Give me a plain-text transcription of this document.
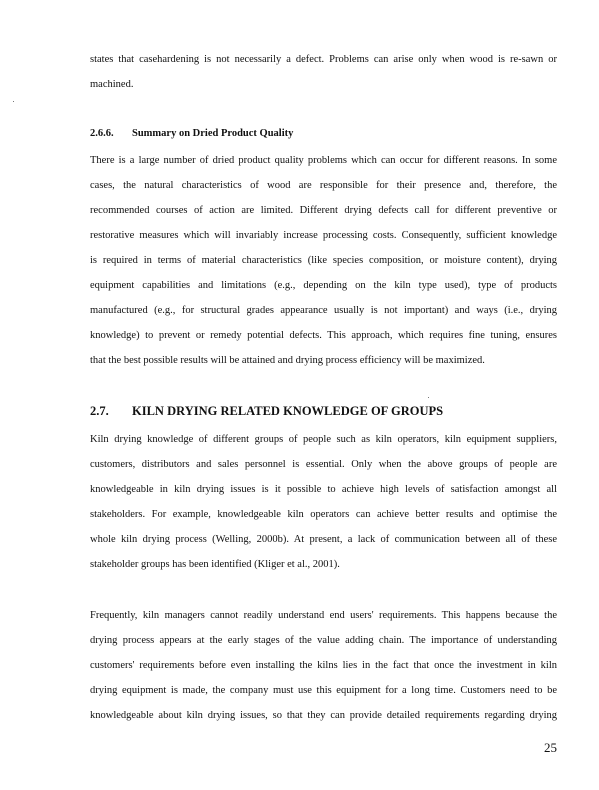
states that casehardening is not necessarily a defect. Problems can arise only when wood is re-sawn or
machined.
2.6.6. Summary on Dried Product Quality
There is a large number of dried product quality problems which can occur for different reasons. In some
cases, the natural characteristics of wood are responsible for their presence and, therefore, the
recommended courses of action are limited. Different drying defects call for different preventive or
restorative measures which will invariably increase processing costs. Consequently, sufficient knowledge
is required in terms of material characteristics (like species composition, or moisture content), drying
equipment capabilities and limitations (e.g., depending on the kiln type used), type of products
manufactured (e.g., for structural grades appearance usually is not important) and ways (i.e., drying
knowledge) to prevent or remedy potential defects. This approach, which requires fine tuning, ensures
that the best possible results will be attained and drying process efficiency will be maximized.
2.7. KILN DRYING RELATED KNOWLEDGE OF GROUPS
Kiln drying knowledge of different groups of people such as kiln operators, kiln equipment suppliers,
customers, distributors and sales personnel is essential. Only when the above groups of people are
knowledgeable in kiln drying issues is it possible to achieve high levels of satisfaction amongst all
stakeholders. For example, knowledgeable kiln operators can achieve better results and optimise the
whole kiln drying process (Welling, 2000b). At present, a lack of communication between all of these
stakeholder groups has been identified (Kliger et al., 2001).
Frequently, kiln managers cannot readily understand end users' requirements. This happens because the
drying process appears at the early stages of the value adding chain. The importance of understanding
customers' requirements before even installing the kilns lies in the fact that once the investment in kiln
drying equipment is made, the company must use this equipment for a long time. Customers need to be
knowledgeable about kiln drying issues, so that they can provide detailed requirements regarding drying
25
